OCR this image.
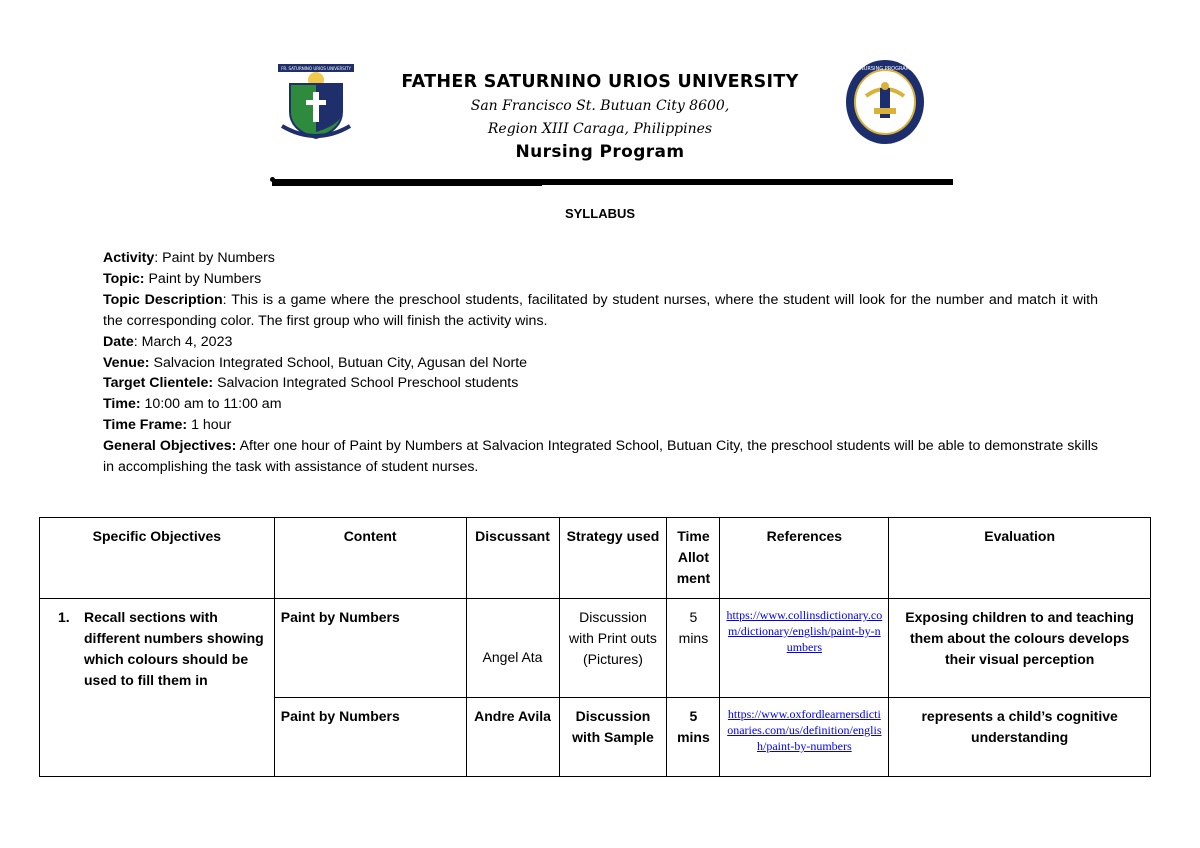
FR. SATURNINO URIOS UNIVERSITY
FATHER SATURNINO URIOS UNIVERSITY
San Francisco St. Butuan City 8600,
Region XIII Caraga, Philippines
Nursing Program
NURSING PROGRAM
SYLLABUS

Activity: Paint by Numbers

Topic: Paint by Numbers

Topic Description: This is a game where the preschool students, facilitated by student nurses, where the student will look for the number and match it with the corresponding color. The first group who will finish the activity wins.

Date: March 4, 2023

Venue: Salvacion Integrated School, Butuan City, Agusan del Norte

Target Clientele: Salvacion Integrated School Preschool students

Time: 10:00 am to 11:00 am

Time Frame: 1 hour

General Objectives: After one hour of Paint by Numbers at Salvacion Integrated School, Butuan City, the preschool students will be able to demonstrate skills in accomplishing the task with assistance of student nurses.

Specific Objectives	Content	Discussant	Strategy used	Time Allot ment	References	Evaluation

1. Recall sections with different numbers showing which colours should be used to fill them in	Paint by Numbers	Angel Ata	Discussion with Print outs (Pictures)	5 mins	https://www.collinsdictionary.com/dictionary/english/paint-by-numbers	Exposing children to and teaching them about the colours develops their visual perception
	Paint by Numbers	Andre Avila	Discussion with Sample	5 mins	https://www.oxfordlearnersdictionaries.com/us/definition/english/paint-by-numbers	represents a child’s cognitive understanding
